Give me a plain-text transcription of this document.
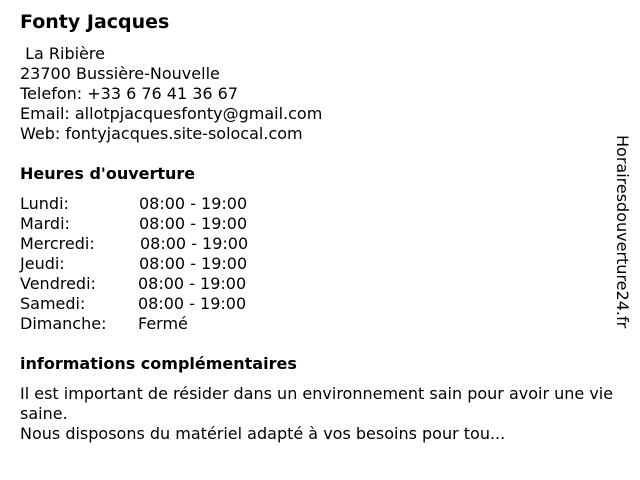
Fonty Jacques
La Ribière
23700 Bussière-Nouvelle
Telefon: +33 6 76 41 36 67
Email: allotpjacquesfonty@gmail.com
Web: fontyjacques.site-solocal.com
Heures d'ouverture
Lundi:	08:00 - 19:00
Mardi:	08:00 - 19:00
Mercredi:	08:00 - 19:00
Jeudi:	08:00 - 19:00
Vendredi:	08:00 - 19:00
Samedi:	08:00 - 19:00
Dimanche: Fermé
informations complémentaires

Il est important de résider dans un environnement sain pour avoir une vie saine.

Nous disposons du matériel adapté à vos besoins pour tou...

Horairesdouverture24.fr
